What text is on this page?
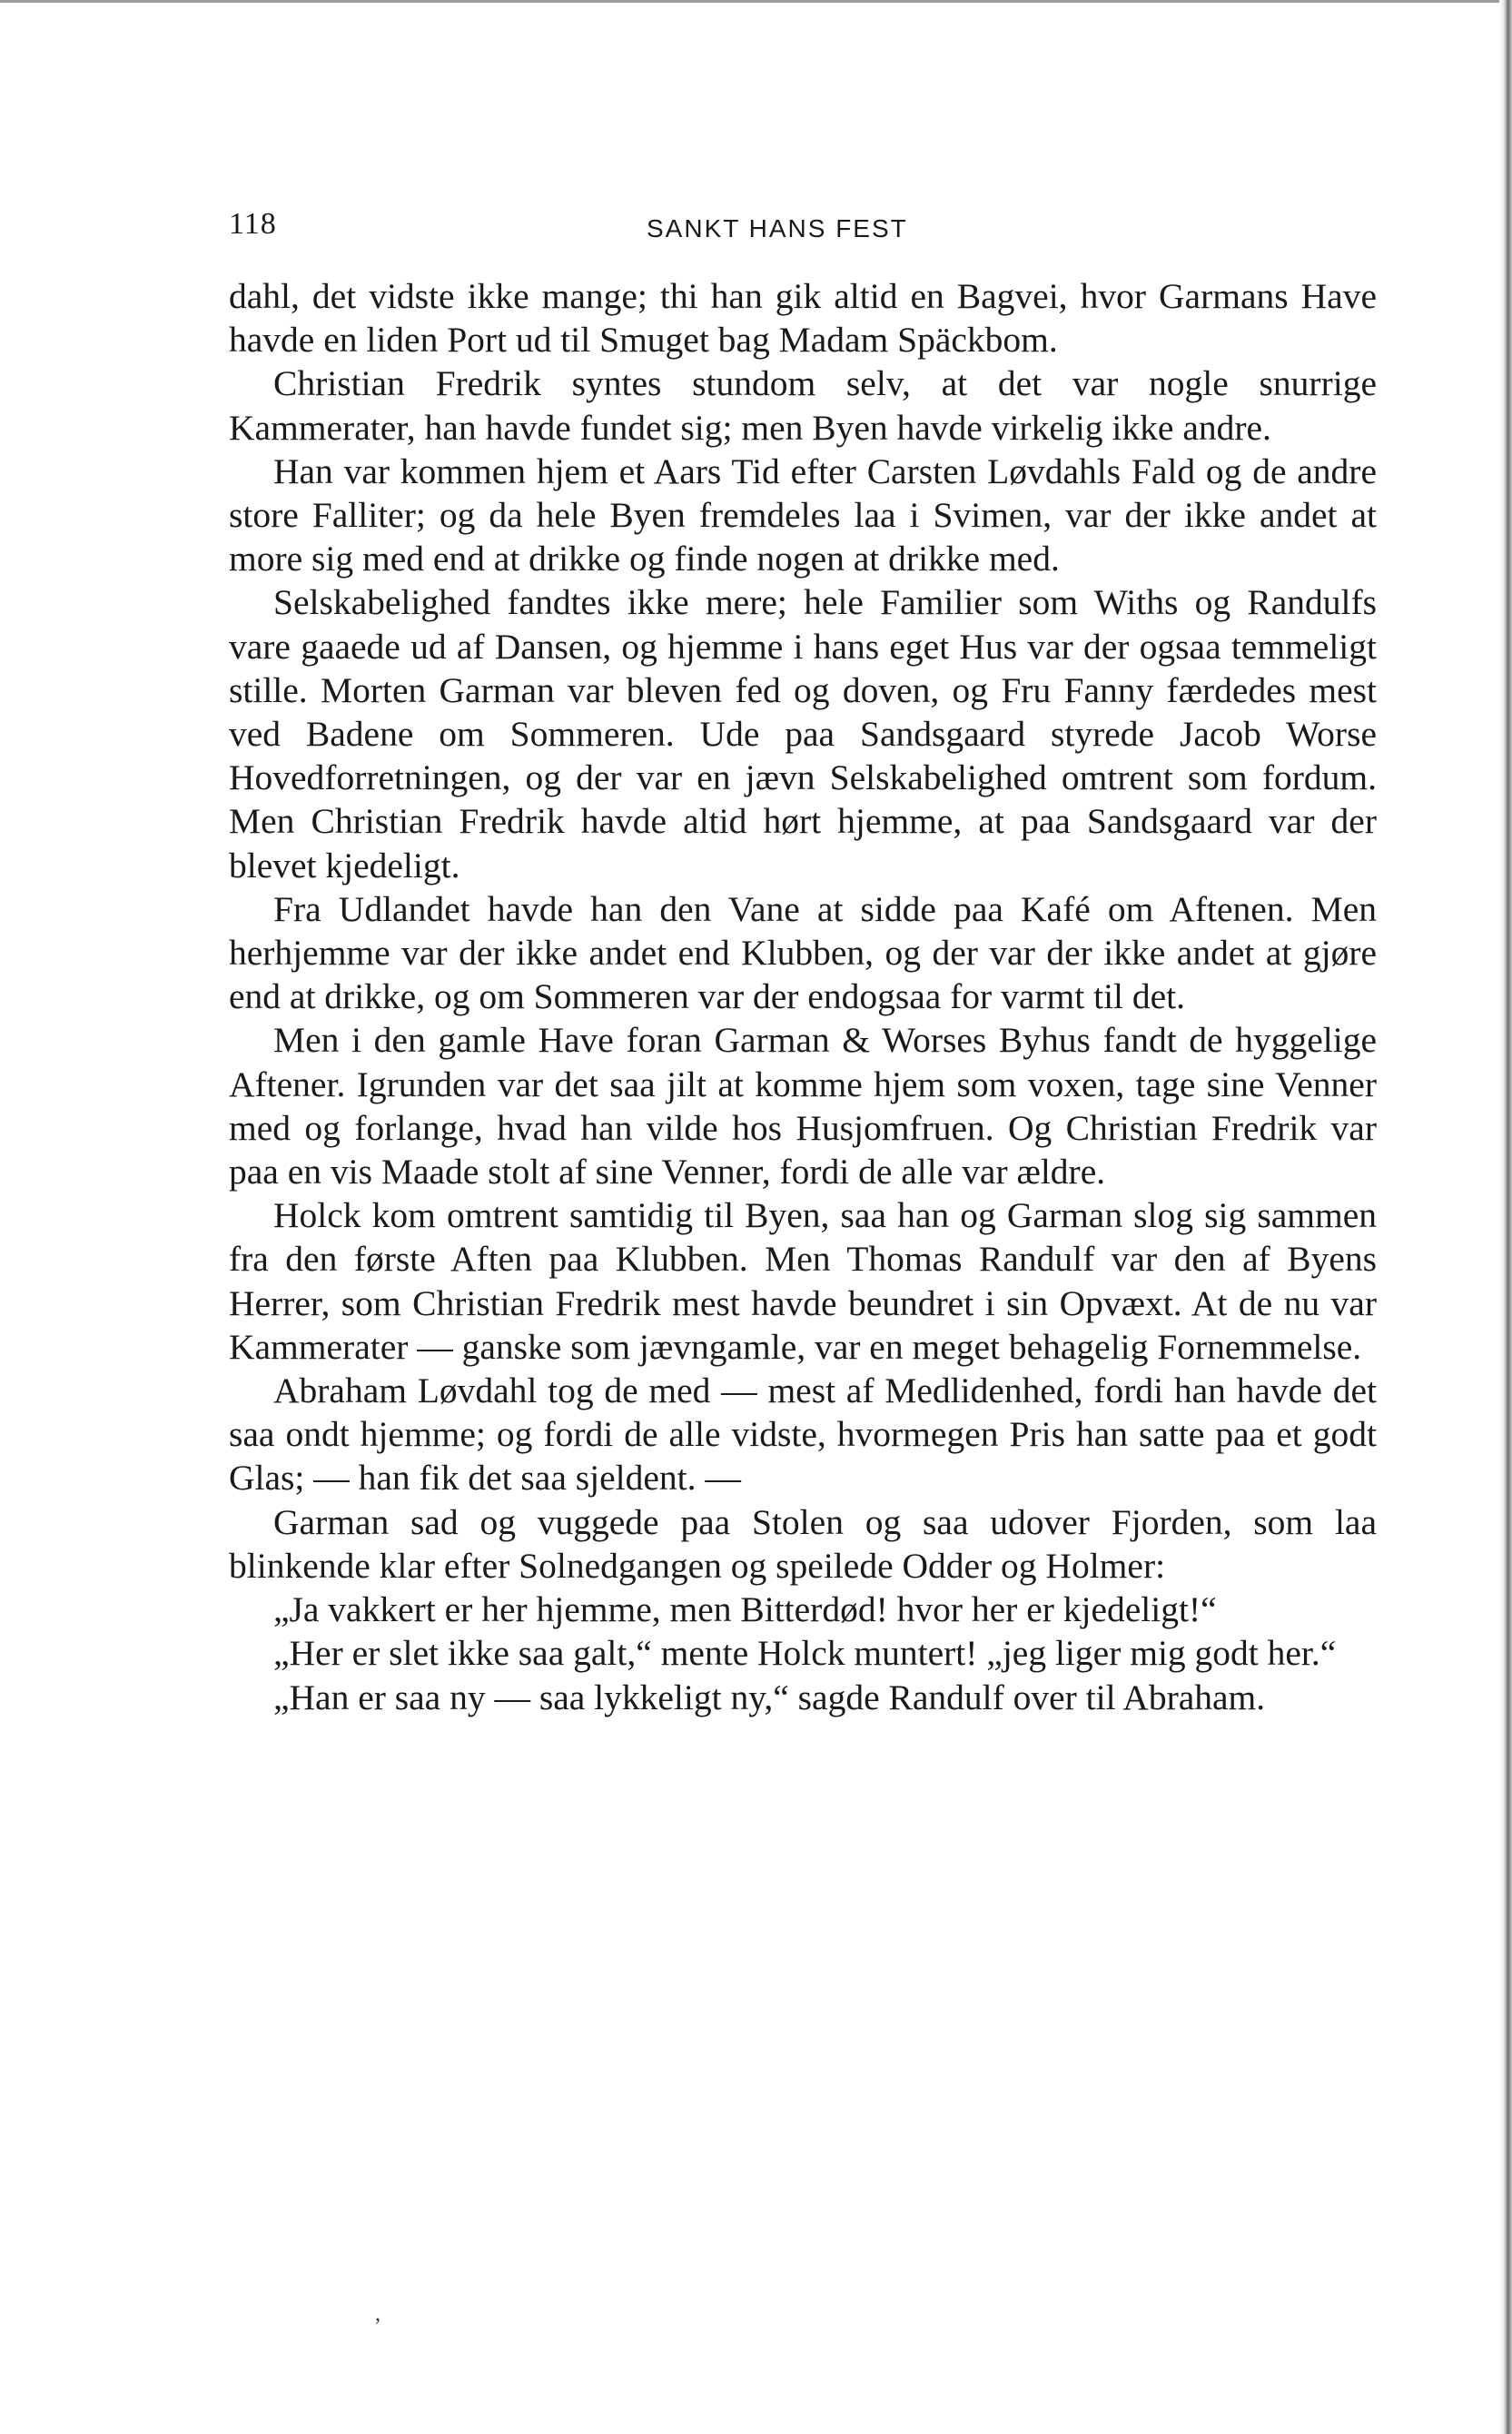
118	SANKT HANS FEST

dahl, det vidste ikke mange; thi han gik altid en Bagvei, hvor Garmans Have havde en liden Port ud til Smuget bag Madam Späckbom.

Christian Fredrik syntes stundom selv, at det var nogle snurrige Kammerater, han havde fundet sig; men Byen havde virkelig ikke andre.

Han var kommen hjem et Aars Tid efter Carsten Løvdahls Fald og de andre store Falliter; og da hele Byen fremdeles laa i Svimen, var der ikke andet at more sig med end at drikke og finde nogen at drikke med.

Selskabelighed fandtes ikke mere; hele Familier som Withs og Randulfs vare gaaede ud af Dansen, og hjemme i hans eget Hus var der ogsaa temmeligt stille. Morten Garman var bleven fed og doven, og Fru Fanny færdedes mest ved Badene om Sommeren. Ude paa Sandsgaard styrede Jacob Worse Hovedforretningen, og der var en jævn Selskabelighed omtrent som fordum. Men Christian Fredrik havde altid hørt hjemme, at paa Sandsgaard var der blevet kjedeligt.

Fra Udlandet havde han den Vane at sidde paa Kafé om Aftenen. Men herhjemme var der ikke andet end Klubben, og der var der ikke andet at gjøre end at drikke, og om Sommeren var der endogsaa for varmt til det.

Men i den gamle Have foran Garman & Worses Byhus fandt de hyggelige Aftener. Igrunden var det saa jilt at komme hjem som voxen, tage sine Venner med og forlange, hvad han vilde hos Husjomfruen. Og Christian Fredrik var paa en vis Maade stolt af sine Venner, fordi de alle var ældre.

Holck kom omtrent samtidig til Byen, saa han og Garman slog sig sammen fra den første Aften paa Klubben. Men Thomas Randulf var den af Byens Herrer, som Christian Fredrik mest havde beundret i sin Opvæxt. At de nu var Kammerater — ganske som jævngamle, var en meget behagelig Fornemmelse.

Abraham Løvdahl tog de med — mest af Medlidenhed, fordi han havde det saa ondt hjemme; og fordi de alle vidste, hvormegen Pris han satte paa et godt Glas; — han fik det saa sjeldent. —

Garman sad og vuggede paa Stolen og saa udover Fjorden, som laa blinkende klar efter Solnedgangen og speilede Odder og Holmer:

„Ja vakkert er her hjemme, men Bitterdød! hvor her er kjedeligt!“

„Her er slet ikke saa galt,“ mente Holck muntert! „jeg liger mig godt her.“

„Han er saa ny — saa lykkeligt ny,“ sagde Randulf over til Abraham.

,
